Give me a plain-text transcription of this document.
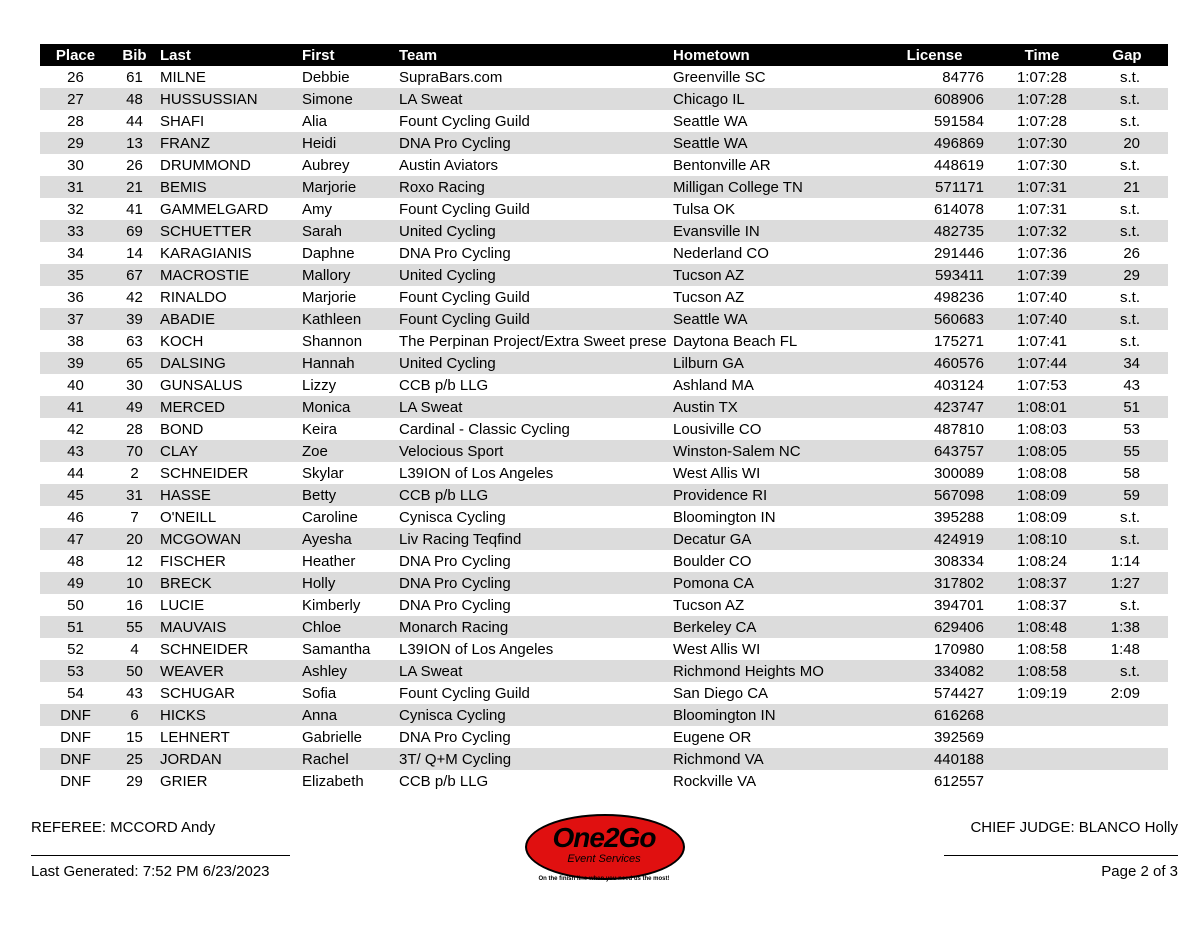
Place	Bib	Last	First	Team	Hometown	License	Time	Gap
26	61	MILNE	Debbie	SupraBars.com	Greenville SC	84776	1:07:28	s.t.
27	48	HUSSUSSIAN	Simone	LA Sweat	Chicago IL	608906	1:07:28	s.t.
28	44	SHAFI	Alia	Fount Cycling Guild	Seattle WA	591584	1:07:28	s.t.
29	13	FRANZ	Heidi	DNA Pro Cycling	Seattle WA	496869	1:07:30	20
30	26	DRUMMOND	Aubrey	Austin Aviators	Bentonville AR	448619	1:07:30	s.t.
31	21	BEMIS	Marjorie	Roxo Racing	Milligan College TN	571171	1:07:31	21
32	41	GAMMELGARD	Amy	Fount Cycling Guild	Tulsa OK	614078	1:07:31	s.t.
33	69	SCHUETTER	Sarah	United Cycling	Evansville IN	482735	1:07:32	s.t.
34	14	KARAGIANIS	Daphne	DNA Pro Cycling	Nederland CO	291446	1:07:36	26
35	67	MACROSTIE	Mallory	United Cycling	Tucson AZ	593411	1:07:39	29
36	42	RINALDO	Marjorie	Fount Cycling Guild	Tucson AZ	498236	1:07:40	s.t.
37	39	ABADIE	Kathleen	Fount Cycling Guild	Seattle WA	560683	1:07:40	s.t.
38	63	KOCH	Shannon	The Perpinan Project/Extra Sweet prese	Daytona Beach FL	175271	1:07:41	s.t.
39	65	DALSING	Hannah	United Cycling	Lilburn GA	460576	1:07:44	34
40	30	GUNSALUS	Lizzy	CCB p/b LLG	Ashland MA	403124	1:07:53	43
41	49	MERCED	Monica	LA Sweat	Austin TX	423747	1:08:01	51
42	28	BOND	Keira	Cardinal - Classic Cycling	Lousiville CO	487810	1:08:03	53
43	70	CLAY	Zoe	Velocious Sport	Winston-Salem NC	643757	1:08:05	55
44	2	SCHNEIDER	Skylar	L39ION of Los Angeles	West Allis WI	300089	1:08:08	58
45	31	HASSE	Betty	CCB p/b LLG	Providence RI	567098	1:08:09	59
46	7	O'NEILL	Caroline	Cynisca Cycling	Bloomington IN	395288	1:08:09	s.t.
47	20	MCGOWAN	Ayesha	Liv Racing Teqfind	Decatur GA	424919	1:08:10	s.t.
48	12	FISCHER	Heather	DNA Pro Cycling	Boulder CO	308334	1:08:24	1:14
49	10	BRECK	Holly	DNA Pro Cycling	Pomona CA	317802	1:08:37	1:27
50	16	LUCIE	Kimberly	DNA Pro Cycling	Tucson AZ	394701	1:08:37	s.t.
51	55	MAUVAIS	Chloe	Monarch Racing	Berkeley CA	629406	1:08:48	1:38
52	4	SCHNEIDER	Samantha	L39ION of Los Angeles	West Allis WI	170980	1:08:58	1:48
53	50	WEAVER	Ashley	LA Sweat	Richmond Heights MO	334082	1:08:58	s.t.
54	43	SCHUGAR	Sofia	Fount Cycling Guild	San Diego CA	574427	1:09:19	2:09
DNF	6	HICKS	Anna	Cynisca Cycling	Bloomington IN	616268		
DNF	15	LEHNERT	Gabrielle	DNA Pro Cycling	Eugene OR	392569		
DNF	25	JORDAN	Rachel	3T/ Q+M Cycling	Richmond VA	440188		
DNF	29	GRIER	Elizabeth	CCB p/b LLG	Rockville VA	612557		
REFEREE: MCCORD Andy	CHIEF JUDGE: BLANCO Holly
Last Generated: 7:52 PM 6/23/2023	Page 2 of 3
One2Go
Event Services
On the finish line when you need us the most!
